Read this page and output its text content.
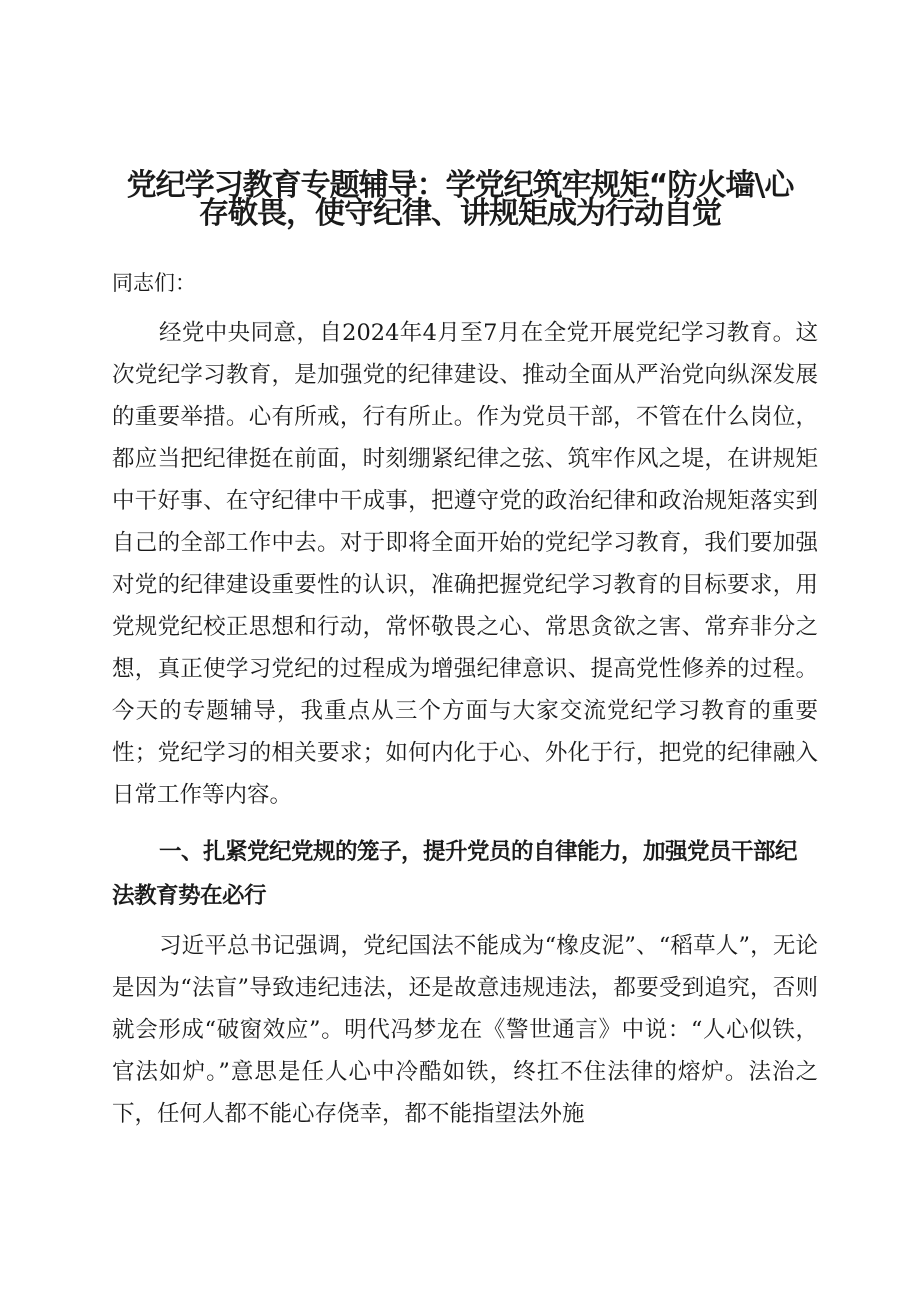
党纪学习教育专题辅导：学党纪筑牢规矩“防火墙\心
存敬畏，使守纪律、讲规矩成为行动自觉

同志们：

经党中央同意，自2024年4月至7月在全党开展党纪学习教育。这次党纪学习教育，是加强党的纪律建设、推动全面从严治党向纵深发展的重要举措。心有所戒，行有所止。作为党员干部，不管在什么岗位，都应当把纪律挺在前面，时刻绷紧纪律之弦、筑牢作风之堤，在讲规矩中干好事、在守纪律中干成事，把遵守党的政治纪律和政治规矩落实到自己的全部工作中去。对于即将全面开始的党纪学习教育，我们要加强对党的纪律建设重要性的认识，准确把握党纪学习教育的目标要求，用党规党纪校正思想和行动，常怀敬畏之心、常思贪欲之害、常弃非分之想，真正使学习党纪的过程成为增强纪律意识、提高党性修养的过程。今天的专题辅导，我重点从三个方面与大家交流党纪学习教育的重要性；党纪学习的相关要求；如何内化于心、外化于行，把党的纪律融入日常工作等内容。

一、扎紧党纪党规的笼子，提升党员的自律能力，加强党员干部纪法教育势在必行

习近平总书记强调，党纪国法不能成为“橡皮泥”、“稻草人”，无论是因为“法盲”导致违纪违法，还是故意违规违法，都要受到追究，否则就会形成“破窗效应”。明代冯梦龙在《警世通言》中说：“人心似铁，官法如炉。”意思是任人心中冷酷如铁，终扛不住法律的熔炉。法治之下，任何人都不能心存侥幸，都不能指望法外施
